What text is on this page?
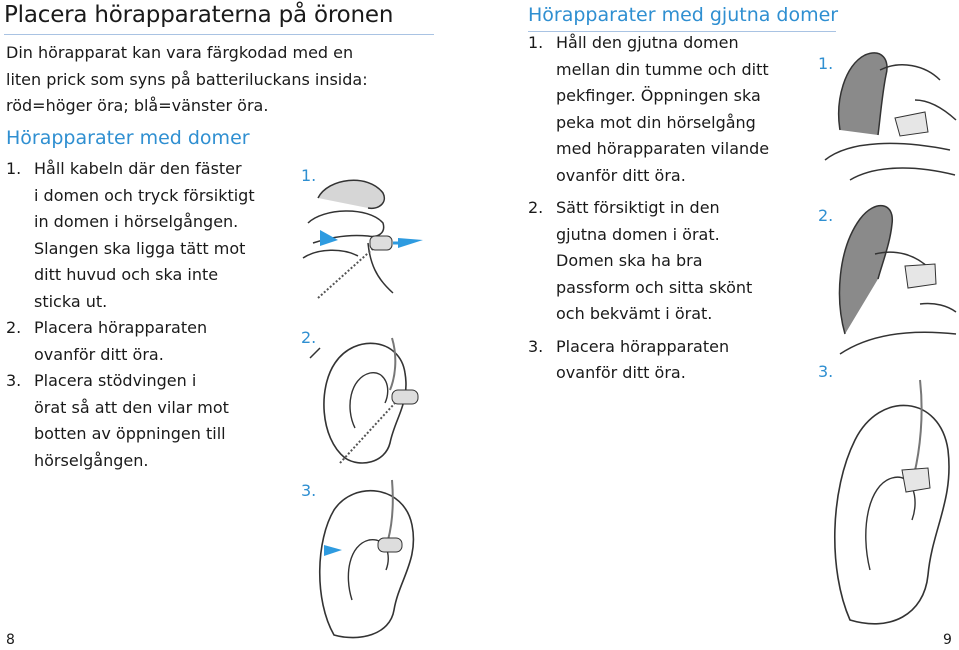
Placera hörapparaterna på öronen
Din hörapparat kan vara färgkodad med en
liten prick som syns på batteriluckans insida:
röd=höger öra; blå=vänster öra.
Hörapparater med domer
1. Håll kabeln där den fäster
i domen och tryck försiktigt
in domen i hörselgången.
Slangen ska ligga tätt mot
ditt huvud och ska inte
sticka ut.
2. Placera hörapparaten
ovanför ditt öra.
3. Placera stödvingen i
örat så att den vilar mot
botten av öppningen till
hörselgången.
1.
2.
3.
8
Hörapparater med gjutna domer
1. Håll den gjutna domen
mellan din tumme och ditt
pekfinger. Öppningen ska
peka mot din hörselgång
med hörapparaten vilande
ovanför ditt öra.
2. Sätt försiktigt in den
gjutna domen i örat.
Domen ska ha bra
passform och sitta skönt
och bekvämt i örat.
3. Placera hörapparaten
ovanför ditt öra.
1.
2.
3.
9
